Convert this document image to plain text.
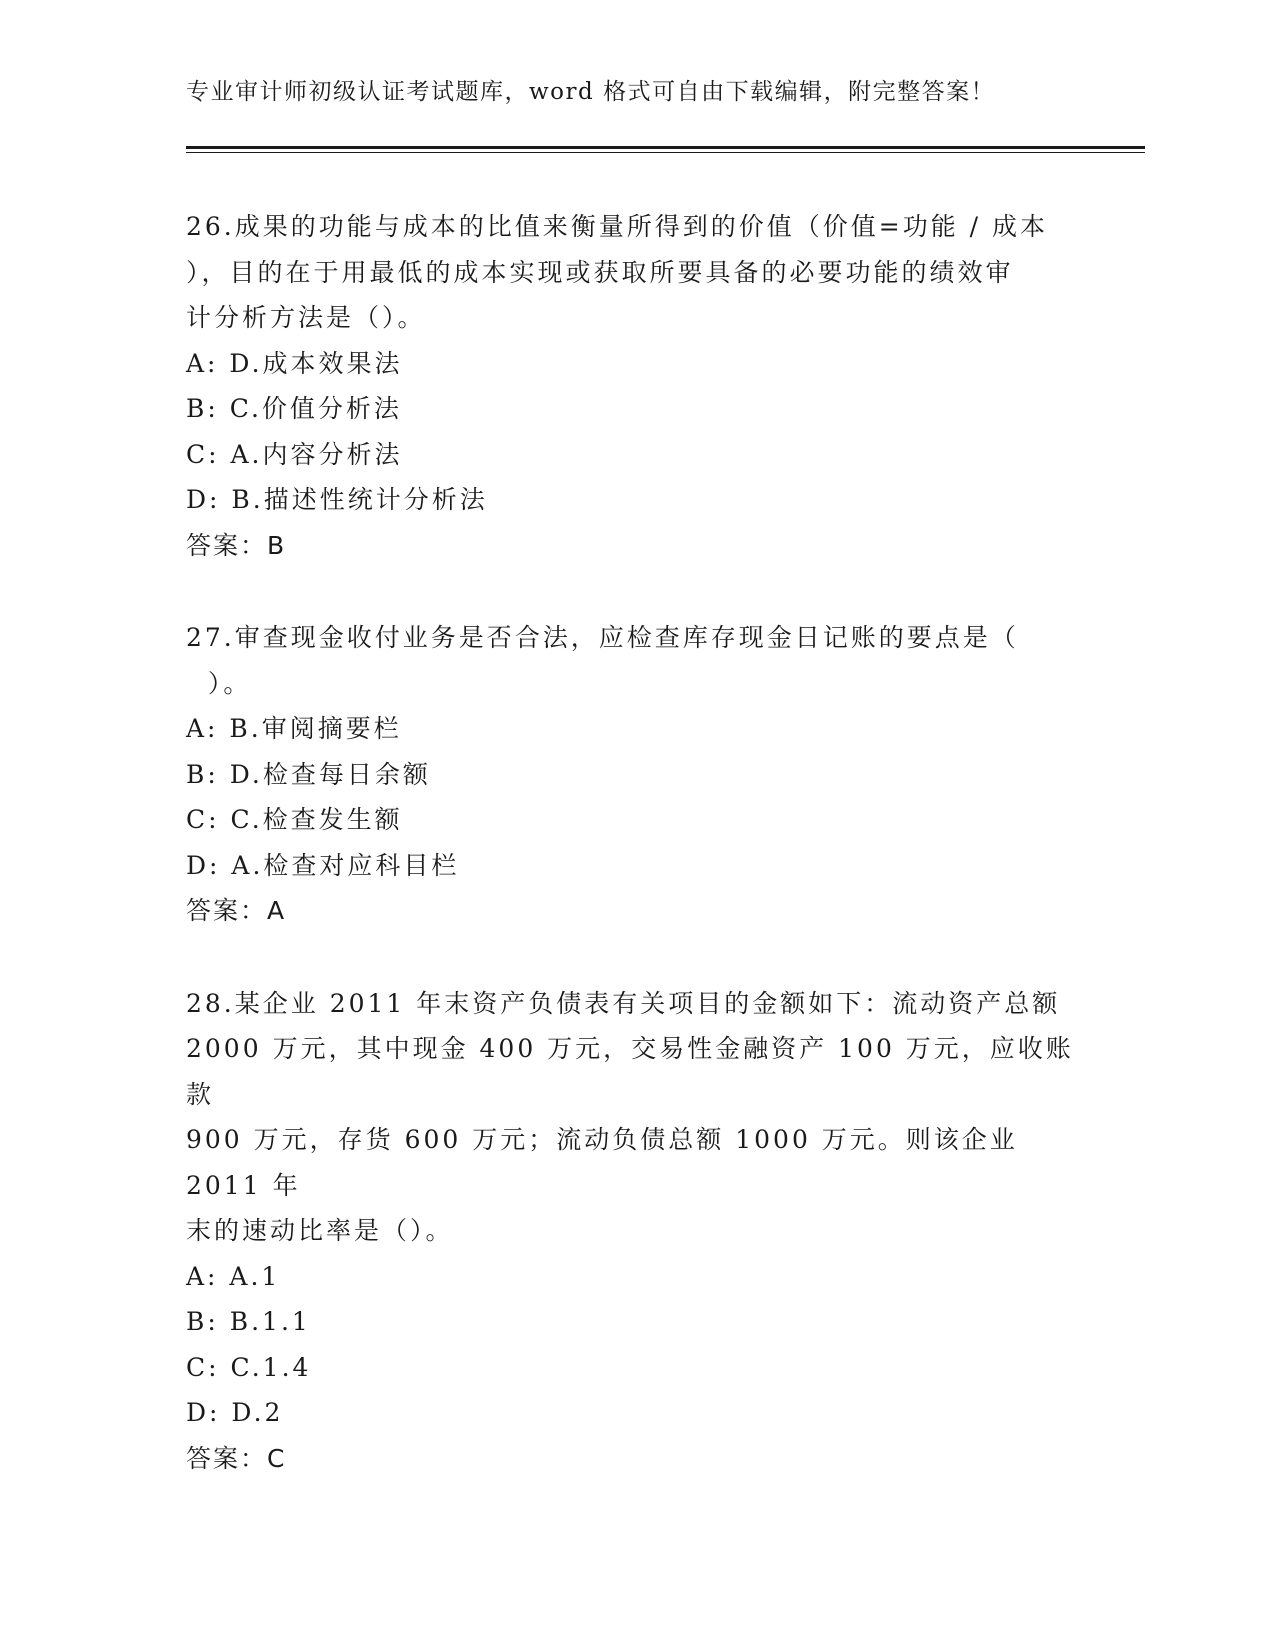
专业审计师初级认证考试题库，word 格式可自由下载编辑，附完整答案！
26.成果的功能与成本的比值来衡量所得到的价值（价值=功能 / 成本
），目的在于用最低的成本实现或获取所要具备的必要功能的绩效审
计分析方法是（）。
A: D.成本效果法
B: C.价值分析法
C: A.内容分析法
D: B.描述性统计分析法
答案：B
27.审查现金收付业务是否合法，应检查库存现金日记账的要点是（
）。
A: B.审阅摘要栏
B: D.检查每日余额
C: C.检查发生额
D: A.检查对应科目栏
答案：A
28.某企业 2011 年末资产负债表有关项目的金额如下：流动资产总额
2000 万元，其中现金 400 万元，交易性金融资产 100 万元，应收账款
900 万元，存货 600 万元；流动负债总额 1000 万元。则该企业 2011 年
末的速动比率是（）。
A: A.1
B: B.1.1
C: C.1.4
D: D.2
答案：C
